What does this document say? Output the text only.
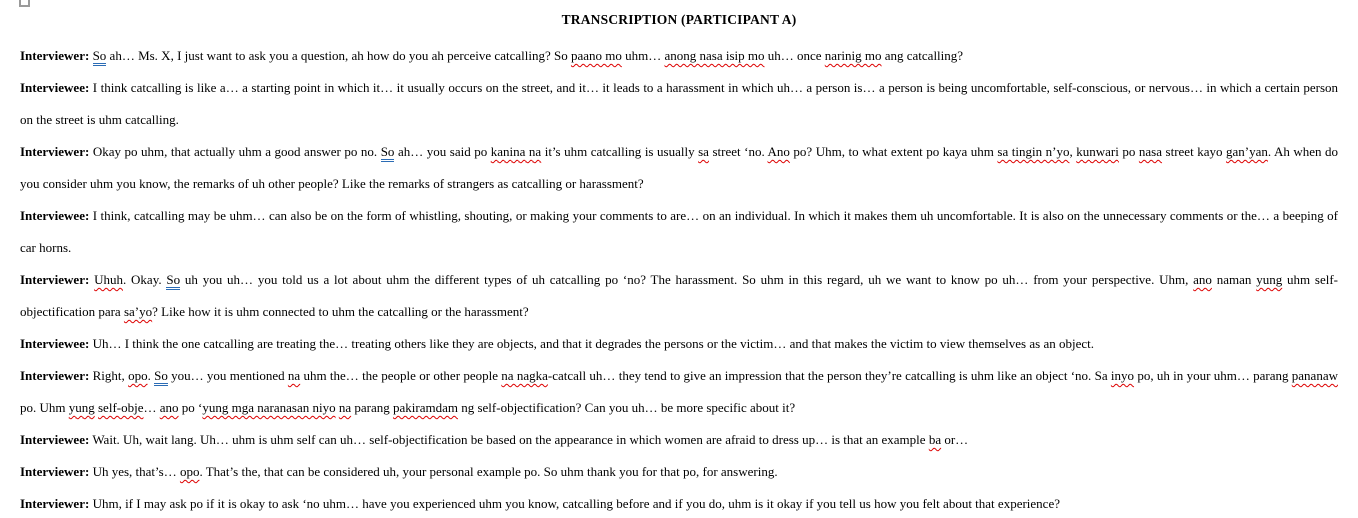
TRANSCRIPTION (PARTICIPANT A)

Interviewer: So ah… Ms. X, I just want to ask you a question, ah how do you ah perceive catcalling? So paano mo uhm… anong nasa isip mo uh… once narinig mo ang catcalling?

Interviewee: I think catcalling is like a… a starting point in which it… it usually occurs on the street, and it… it leads to a harassment in which uh… a person is… a person is being uncomfortable, self-conscious, or nervous… in which a certain person on the street is uhm catcalling.

Interviewer: Okay po uhm, that actually uhm a good answer po no. So ah… you said po kanina na it’s uhm catcalling is usually sa street ‘no. Ano po? Uhm, to what extent po kaya uhm sa tingin n’yo, kunwari po nasa street kayo gan’yan. Ah when do you consider uhm you know, the remarks of uh other people? Like the remarks of strangers as catcalling or harassment?

Interviewee: I think, catcalling may be uhm… can also be on the form of whistling, shouting, or making your comments to are… on an individual. In which it makes them uh uncomfortable. It is also on the unnecessary comments or the… a beeping of car horns.

Interviewer: Uhuh. Okay. So uh you uh… you told us a lot about uhm the different types of uh catcalling po ‘no? The harassment. So uhm in this regard, uh we want to know po uh… from your perspective. Uhm, ano naman yung uhm self-objectification para sa’yo? Like how it is uhm connected to uhm the catcalling or the harassment?

Interviewee: Uh… I think the one catcalling are treating the… treating others like they are objects, and that it degrades the persons or the victim… and that makes the victim to view themselves as an object.

Interviewer: Right, opo. So you… you mentioned na uhm the… the people or other people na nagka-catcall uh… they tend to give an impression that the person they’re catcalling is uhm like an object ‘no. Sa inyo po, uh in your uhm… parang pananaw po. Uhm yung self-obje… ano po ‘yung mga naranasan niyo na parang pakiramdam ng self-objectification? Can you uh… be more specific about it?

Interviewee: Wait. Uh, wait lang. Uh… uhm is uhm self can uh… self-objectification be based on the appearance in which women are afraid to dress up… is that an example ba or…

Interviewer: Uh yes, that’s… opo. That’s the, that can be considered uh, your personal example po. So uhm thank you for that po, for answering.

Interviewer: Uhm, if I may ask po if it is okay to ask ‘no uhm… have you experienced uhm you know, catcalling before and if you do, uhm is it okay if you tell us how you felt about that experience?
